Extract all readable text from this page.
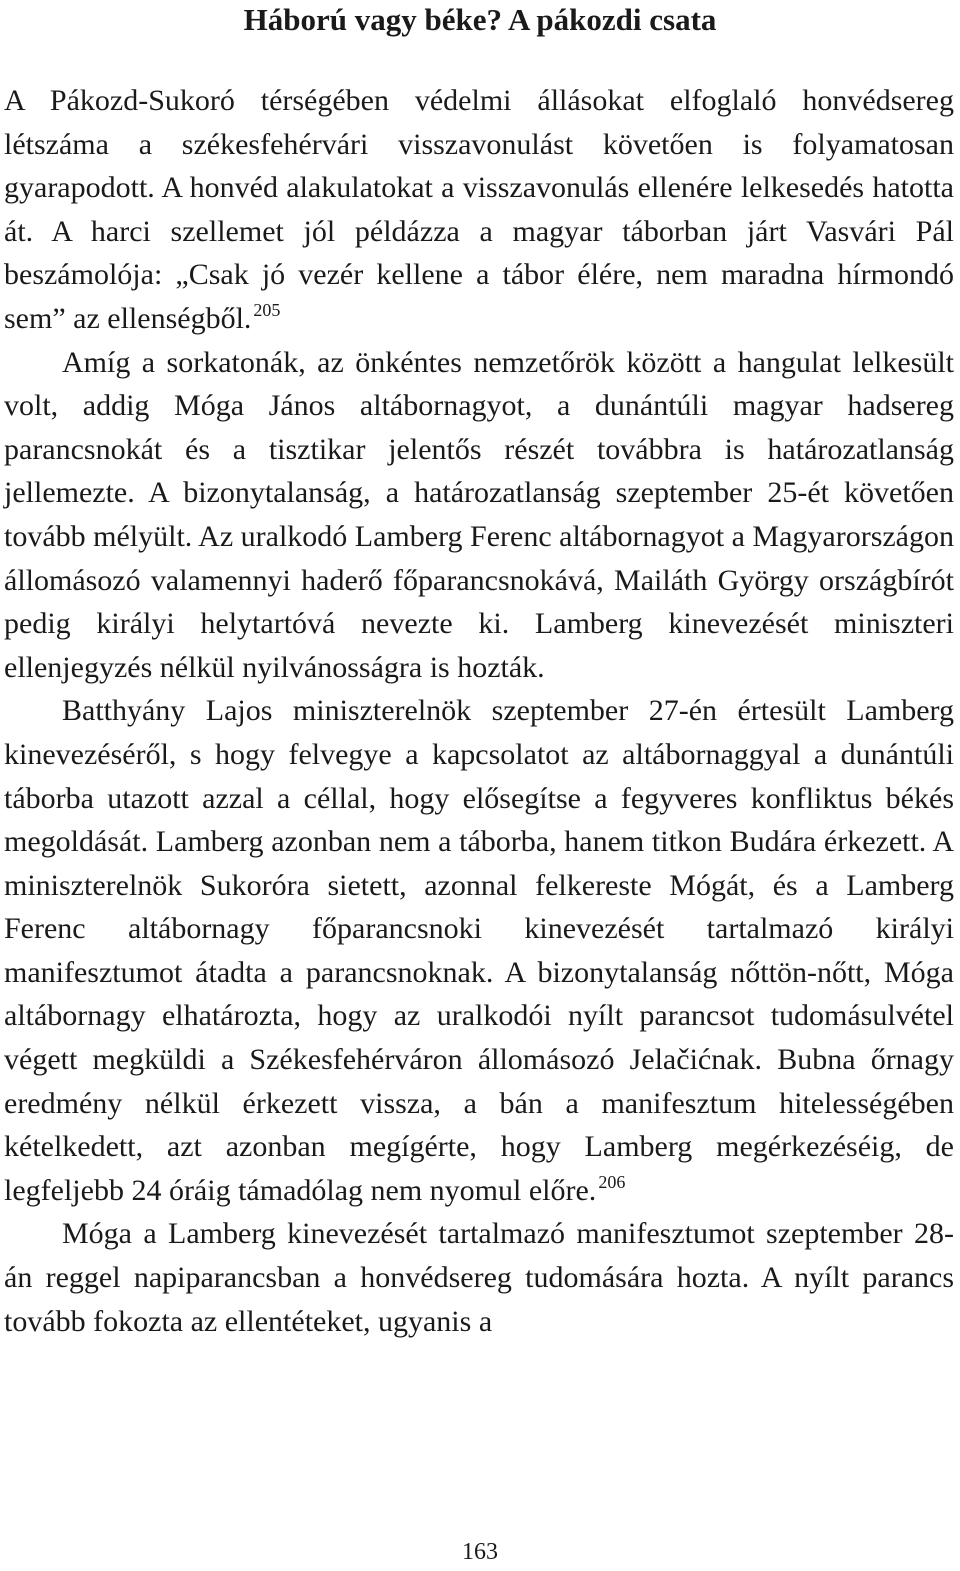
Háború vagy béke? A pákozdi csata

A Pákozd-Sukoró térségében védelmi állásokat elfoglaló honvédsereg létszáma a székesfehérvári visszavonulást követően is folyamatosan gyarapodott. A honvéd alakulatokat a visszavonulás ellenére lelkesedés hatotta át. A harci szellemet jól példázza a magyar táborban járt Vasvári Pál beszámolója: „Csak jó vezér kellene a tábor élére, nem maradna hírmondó sem” az ellenségből. $^{205}$

Amíg a sorkatonák, az önkéntes nemzetőrök között a hangulat lelkesült volt, addig Móga János altábornagyot, a dunántúli magyar hadsereg parancsnokát és a tisztikar jelentős részét továbbra is határozatlanság jellemezte. A bizonytalanság, a határozatlanság szeptember 25-ét követően tovább mélyült. Az uralkodó Lamberg Ferenc altábornagyot a Magyarországon állomásozó valamennyi haderő főparancsnokává, Mailáth György országbírót pedig királyi helytartóvá nevezte ki. Lamberg kinevezését miniszteri ellenjegyzés nélkül nyilvánosságra is hozták.

Batthyány Lajos miniszterelnök szeptember 27-én értesült Lamberg kinevezéséről, s hogy felvegye a kapcsolatot az altábornaggyal a dunántúli táborba utazott azzal a céllal, hogy elősegítse a fegyveres konfliktus békés megoldását. Lamberg azonban nem a táborba, hanem titkon Budára érkezett. A miniszterelnök Sukoróra sietett, azonnal felkereste Mógát, és a Lamberg Ferenc altábornagy főparancsnoki kinevezését tartalmazó királyi manifesztumot átadta a parancsnoknak. A bizonytalanság nőttön-nőtt, Móga altábornagy elhatározta, hogy az uralkodói nyílt parancsot tudomásulvétel végett megküldi a Székesfehérváron állomásozó Jelačićnak. Bubna őrnagy eredmény nélkül érkezett vissza, a bán a manifesztum hitelességében kételkedett, azt azonban megígérte, hogy Lamberg megérkezéséig, de legfeljebb 24 óráig támadólag nem nyomul előre. $^{206}$

Móga a Lamberg kinevezését tartalmazó manifesztumot szeptember 28-án reggel napiparancsban a honvédsereg tudomására hozta. A nyílt parancs tovább fokozta az ellentéteket, ugyanis a

163
